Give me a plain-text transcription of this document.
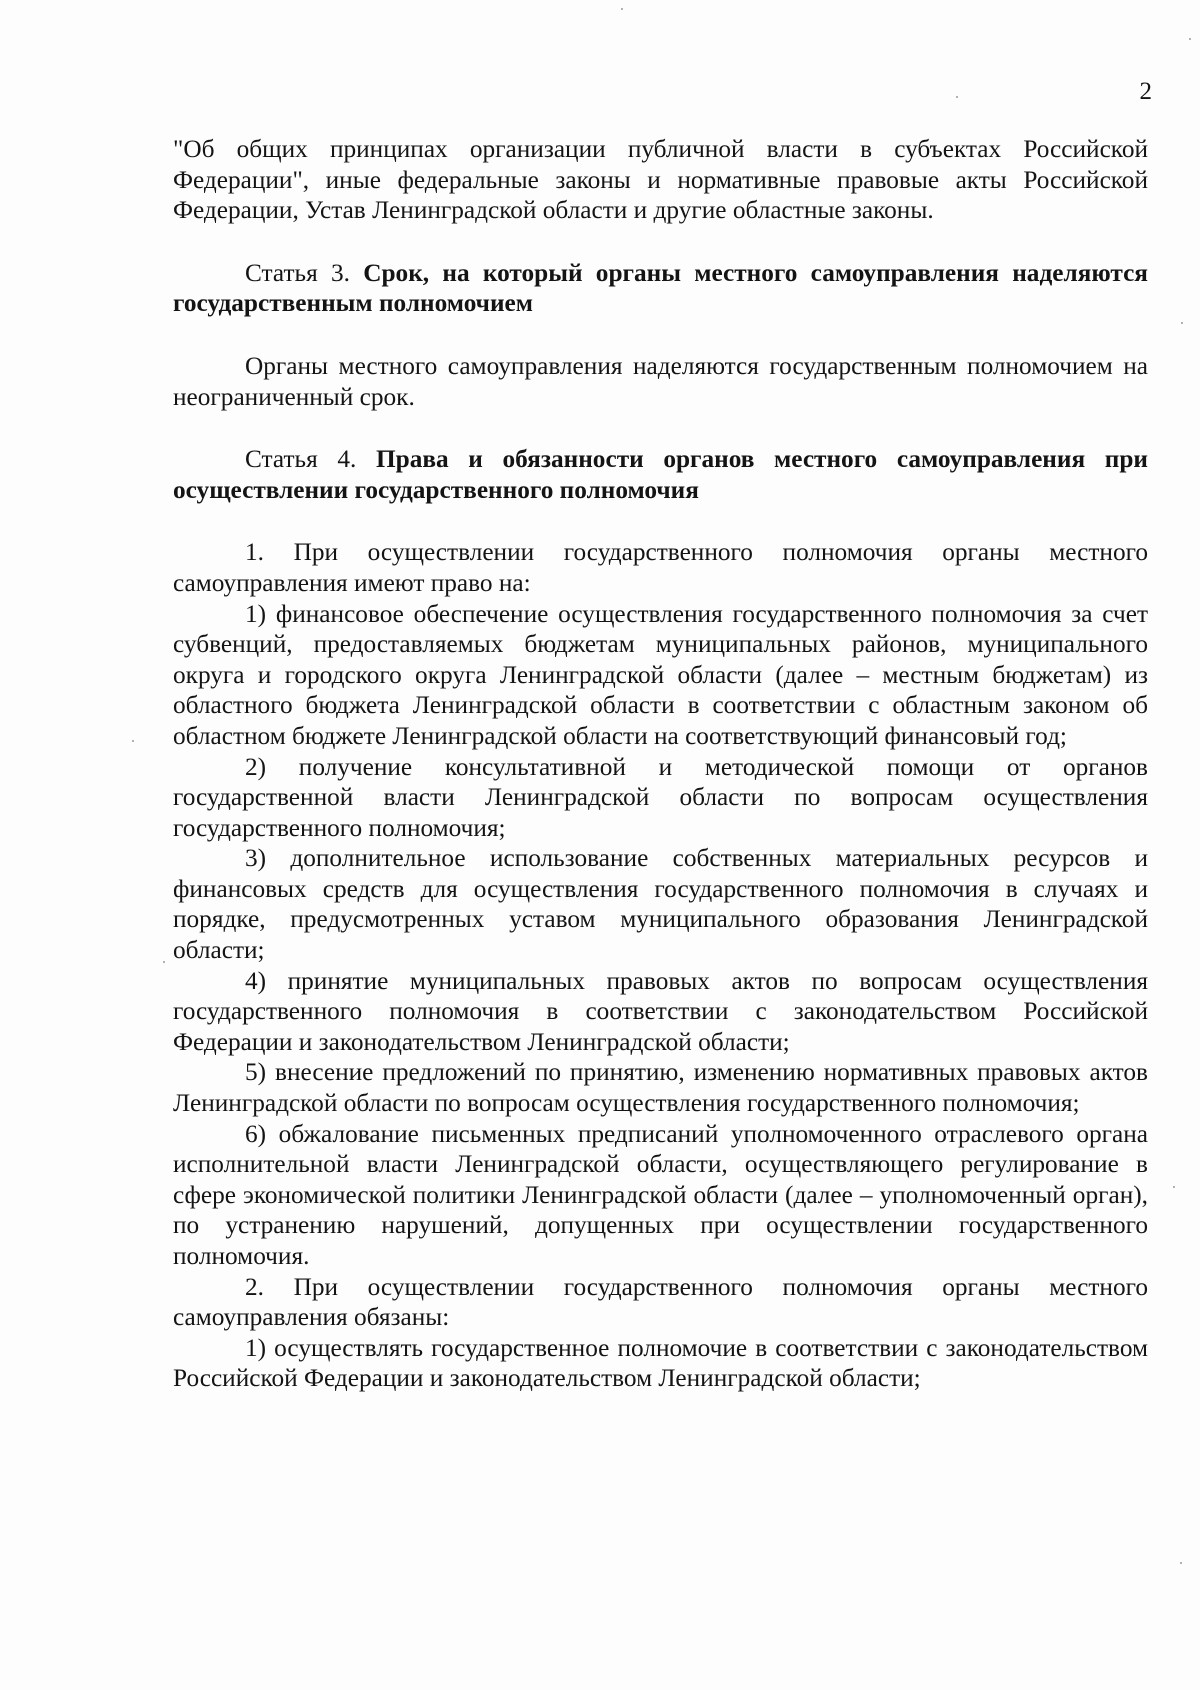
2

"Об общих принципах организации публичной власти в субъектах Российской Федерации", иные федеральные законы и нормативные правовые акты Российской Федерации, Устав Ленинградской области и другие областные законы.

Статья 3. Срок, на который органы местного самоуправления наделяются государственным полномочием

Органы местного самоуправления наделяются государственным полномочием на неограниченный срок.

Статья 4. Права и обязанности органов местного самоуправления при осуществлении государственного полномочия

1. При осуществлении государственного полномочия органы местного самоуправления имеют право на:

1) финансовое обеспечение осуществления государственного полномочия за счет субвенций, предоставляемых бюджетам муниципальных районов, муниципального округа и городского округа Ленинградской области (далее – местным бюджетам) из областного бюджета Ленинградской области в соответствии с областным законом об областном бюджете Ленинградской области на соответствующий финансовый год;

2) получение консультативной и методической помощи от органов государственной власти Ленинградской области по вопросам осуществления государственного полномочия;

3) дополнительное использование собственных материальных ресурсов и финансовых средств для осуществления государственного полномочия в случаях и порядке, предусмотренных уставом муниципального образования Ленинградской области;

4) принятие муниципальных правовых актов по вопросам осуществления государственного полномочия в соответствии с законодательством Российской Федерации и законодательством Ленинградской области;

5) внесение предложений по принятию, изменению нормативных правовых актов Ленинградской области по вопросам осуществления государственного полномочия;

6) обжалование письменных предписаний уполномоченного отраслевого органа исполнительной власти Ленинградской области, осуществляющего регулирование в сфере экономической политики Ленинградской области (далее – уполномоченный орган), по устранению нарушений, допущенных при осуществлении государственного полномочия.

2. При осуществлении государственного полномочия органы местного самоуправления обязаны:

1) осуществлять государственное полномочие в соответствии с законодательством Российской Федерации и законодательством Ленинградской области;
